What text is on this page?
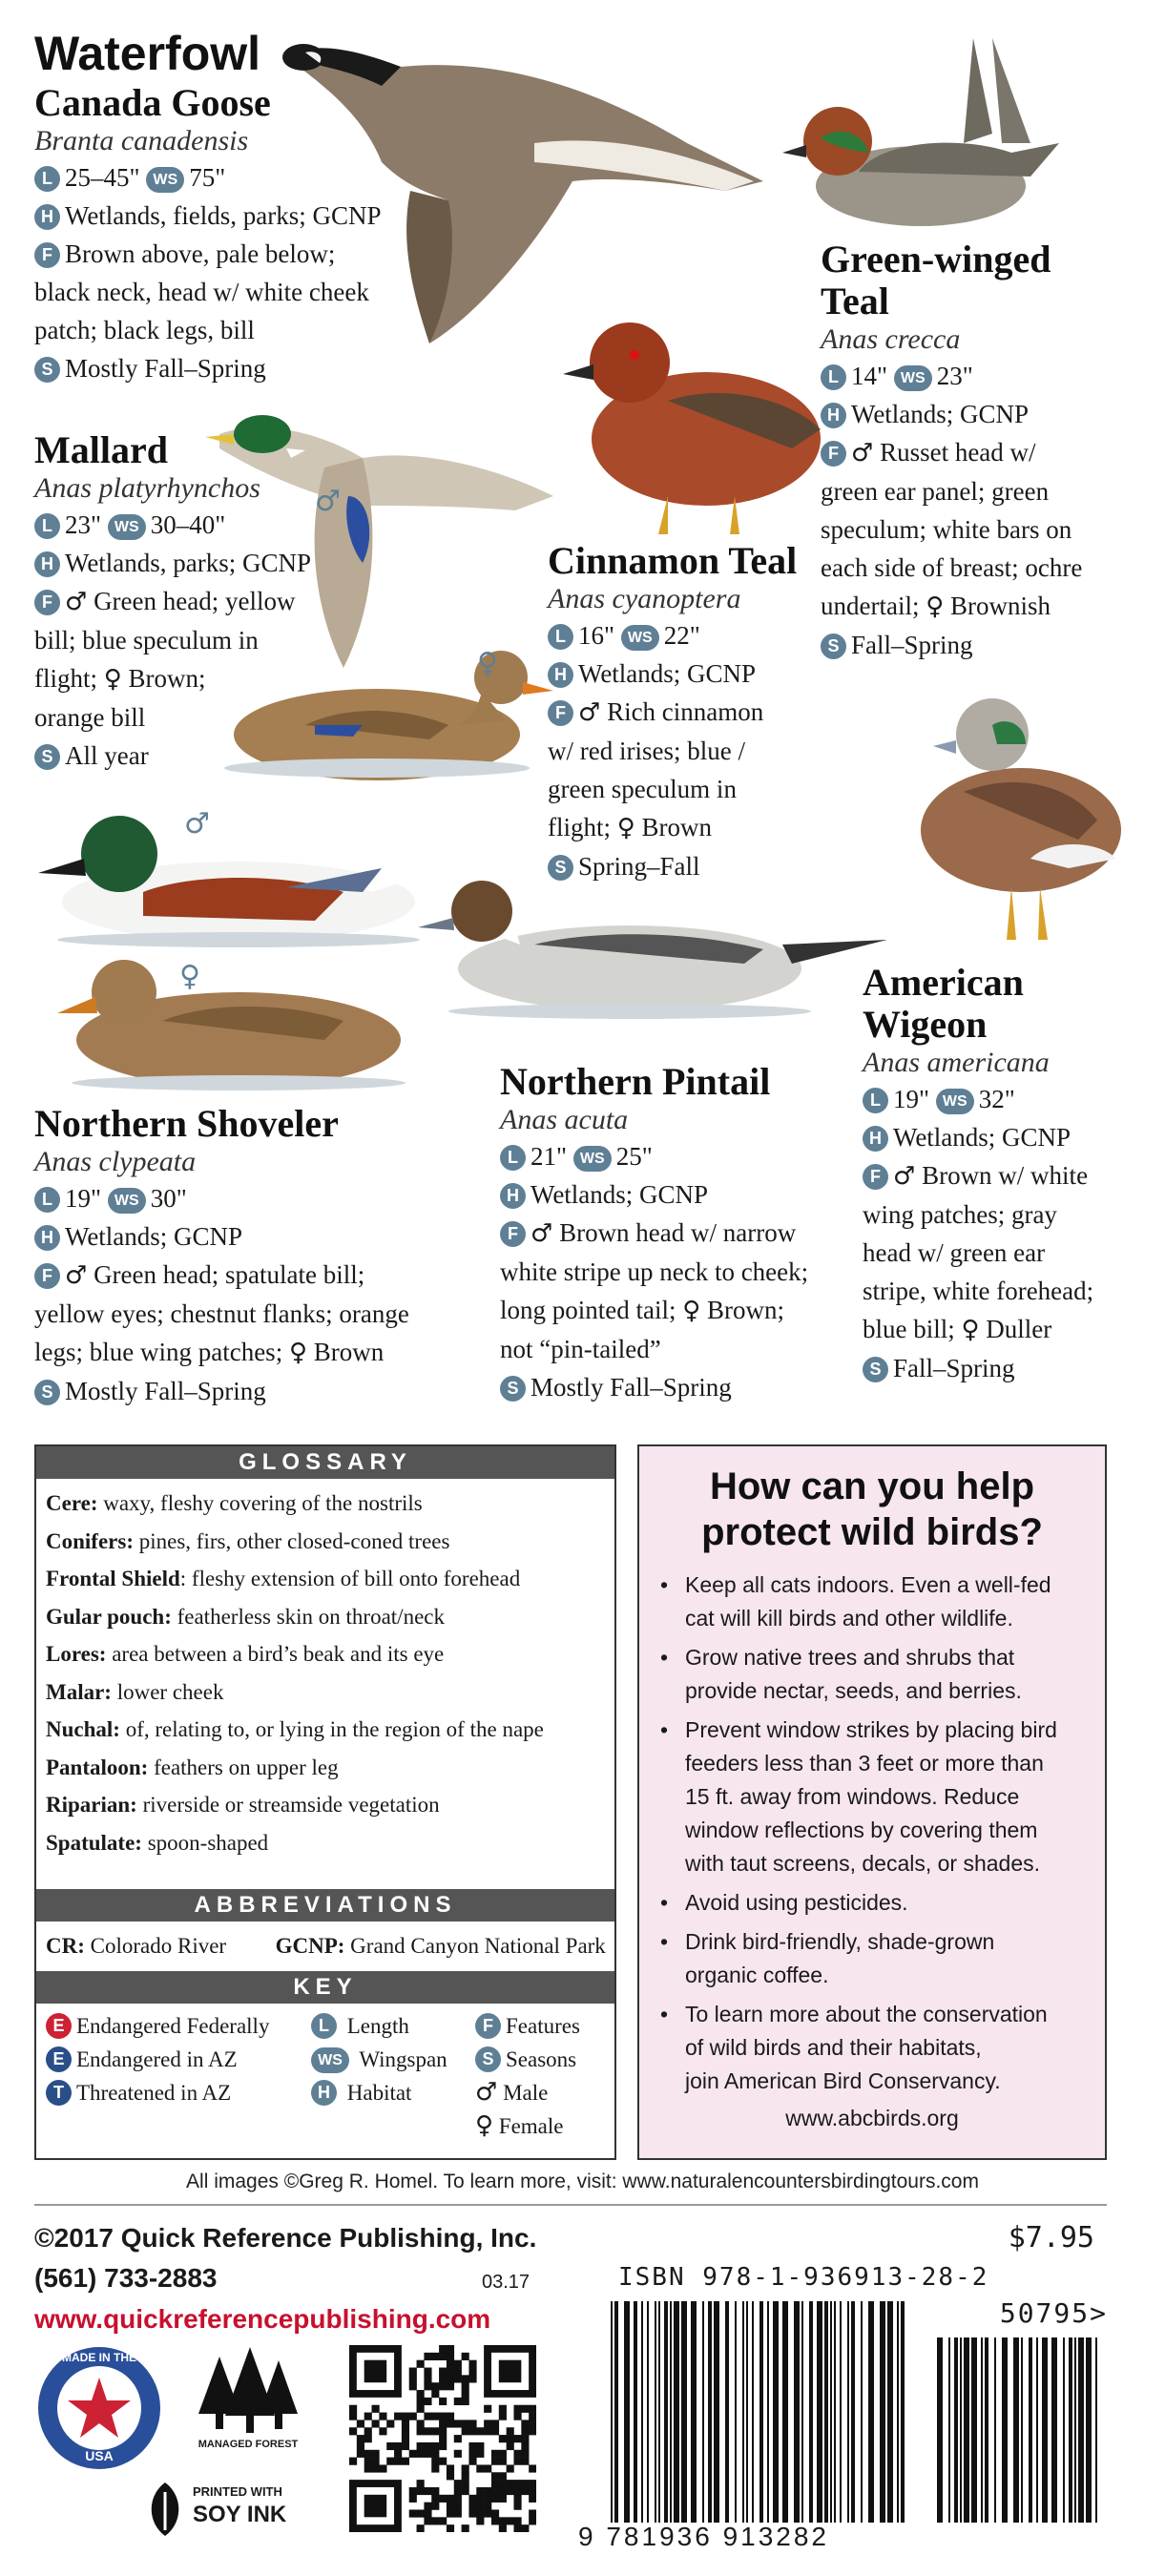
♂
♀
♂
♀
Waterfowl
Canada Goose
Branta canadensis
L 25–45" WS 75"
H Wetlands, fields, parks; GCNP
F Brown above, pale below;
black neck, head w/ white cheek
patch; black legs, bill
S Mostly Fall–Spring
Mallard
Anas platyrhynchos
L 23" WS 30–40"
H Wetlands, parks; GCNP
F ♂ Green head; yellow
bill; blue speculum in
flight; ♀ Brown;
orange bill
S All year
Green-winged
Teal
Anas crecca
L 14" WS 23"
H Wetlands; GCNP
F ♂ Russet head w/
green ear panel; green
speculum; white bars on
each side of breast; ochre
undertail; ♀ Brownish
S Fall–Spring
Cinnamon Teal
Anas cyanoptera
L 16" WS 22"
H Wetlands; GCNP
F ♂ Rich cinnamon
w/ red irises; blue /
green speculum in
flight; ♀ Brown
S Spring–Fall
American
Wigeon
Anas americana
L 19" WS 32"
H Wetlands; GCNP
F ♂ Brown w/ white
wing patches; gray
head w/ green ear
stripe, white forehead;
blue bill; ♀ Duller
S Fall–Spring
Northern Pintail
Anas acuta
L 21" WS 25"
H Wetlands; GCNP
F ♂ Brown head w/ narrow
white stripe up neck to cheek;
long pointed tail; ♀ Brown;
not “pin-tailed”
S Mostly Fall–Spring
Northern Shoveler
Anas clypeata
L 19" WS 30"
H Wetlands; GCNP
F ♂ Green head; spatulate bill;
yellow eyes; chestnut flanks; orange
legs; blue wing patches; ♀ Brown
S Mostly Fall–Spring
GLOSSARY
Cere: waxy, fleshy covering of the nostrils
Conifers: pines, firs, other closed-coned trees
Frontal Shield: fleshy extension of bill onto forehead
Gular pouch: featherless skin on throat/neck
Lores: area between a bird’s beak and its eye
Malar: lower cheek
Nuchal: of, relating to, or lying in the region of the nape
Pantaloon: feathers on upper leg
Riparian: riverside or streamside vegetation
Spatulate: spoon-shaped
ABBREVIATIONS
CR: Colorado River GCNP: Grand Canyon National Park
KEY
E Endangered Federally
E Endangered in AZ
T Threatened in AZ
L Length
WS Wingspan
H Habitat
F Features
S Seasons
♂ Male
♀ Female
How can you help
protect wild birds?
• Keep all cats indoors. Even a well-fed
cat will kill birds and other wildlife.
• Grow native trees and shrubs that
provide nectar, seeds, and berries.
• Prevent window strikes by placing bird
feeders less than 3 feet or more than
15 ft. away from windows. Reduce
window reflections by covering them
with taut screens, decals, or shades.
• Avoid using pesticides.
• Drink bird-friendly, shade-grown
organic coffee.
• To learn more about the conservation
of wild birds and their habitats,
join American Bird Conservancy.
www.abcbirds.org
All images ©Greg R. Homel. To learn more, visit: www.naturalencountersbirdingtours.com
©2017 Quick Reference Publishing, Inc.
(561) 733-2883	03.17
www.quickreferencepublishing.com
MADE IN THE
USA
MANAGED FOREST
PRINTED WITH
SOY INK
$7.95
ISBN 978-1-936913-28-2
50795>
9 781936 913282
